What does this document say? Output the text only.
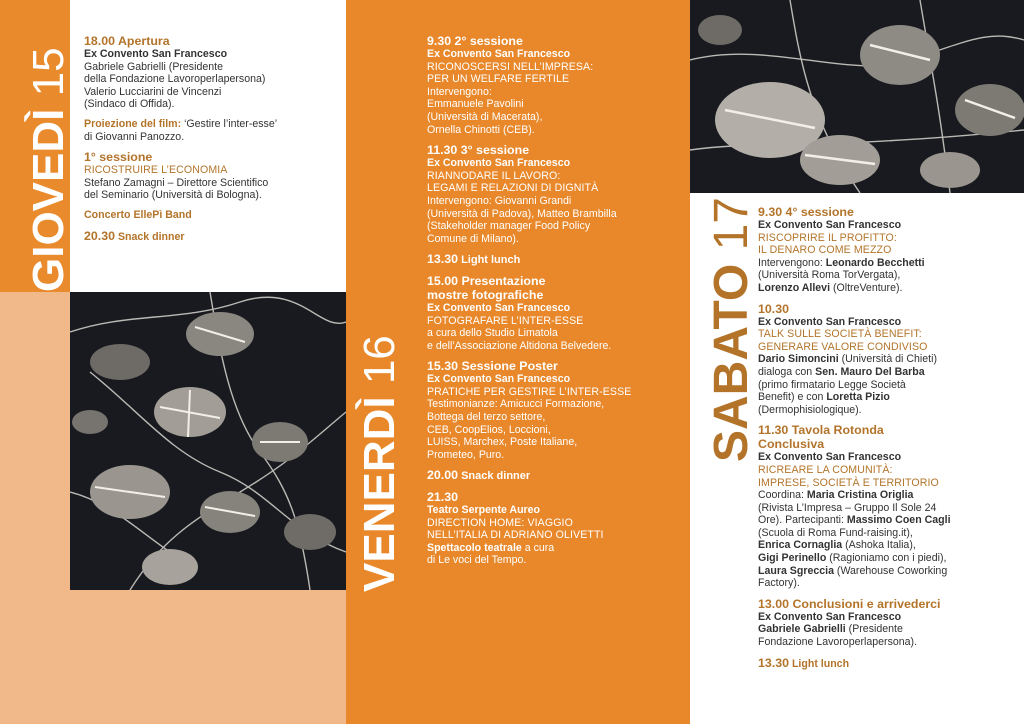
GIOVEDÌ 15
VENERDÌ 16	SABATO 17
18.00 Apertura
Ex Convento San Francesco
Gabriele Gabrielli (Presidente
della Fondazione Lavoroperlapersona)
Valerio Lucciarini de Vincenzi
(Sindaco di Offida).
Proiezione del film: ‘Gestire l’inter-esse’
di Giovanni Panozzo.
1° sessione
RICOSTRUIRE L’ECONOMIA
Stefano Zamagni – Direttore Scientifico
del Seminario (Università di Bologna).
Concerto EllePì Band
20.30 Snack dinner
9.30 2° sessione
Ex Convento San Francesco
RICONOSCERSI NELL’IMPRESA:
PER UN WELFARE FERTILE
Intervengono:
Emmanuele Pavolini
(Università di Macerata),
Ornella Chinotti (CEB).
11.30 3° sessione
Ex Convento San Francesco
RIANNODARE IL LAVORO:
LEGAMI E RELAZIONI DI DIGNITÀ
Intervengono: Giovanni Grandi
(Università di Padova), Matteo Brambilla
(Stakeholder manager Food Policy
Comune di Milano).
13.30 Light lunch
15.00 Presentazione
mostre fotografiche
Ex Convento San Francesco
FOTOGRAFARE L’INTER-ESSE
a cura dello Studio Limatola
e dell’Associazione Altidona Belvedere.
15.30 Sessione Poster
Ex Convento San Francesco
PRATICHE PER GESTIRE L’INTER-ESSE
Testimonianze: Amicucci Formazione,
Bottega del terzo settore,
CEB, CoopElios, Loccioni,
LUISS, Marchex, Poste Italiane,
Prometeo, Puro.
20.00 Snack dinner
21.30
Teatro Serpente Aureo
DIRECTION HOME: VIAGGIO
NELL’ITALIA DI ADRIANO OLIVETTI
Spettacolo teatrale a cura
di Le voci del Tempo.
9.30 4° sessione
Ex Convento San Francesco
RISCOPRIRE IL PROFITTO:
IL DENARO COME MEZZO
Intervengono: Leonardo Becchetti
(Università Roma TorVergata),
Lorenzo Allevi (OltreVenture).
10.30
Ex Convento San Francesco
TALK SULLE SOCIETÀ BENEFIT:
GENERARE VALORE CONDIVISO
Dario Simoncini (Università di Chieti)
dialoga con Sen. Mauro Del Barba
(primo firmatario Legge Società
Benefit) e con Loretta Pizio
(Dermophisiologique).
11.30 Tavola Rotonda
Conclusiva
Ex Convento San Francesco
RICREARE LA COMUNITÀ:
IMPRESE, SOCIETÀ E TERRITORIO
Coordina: Maria Cristina Origlia
(Rivista L’Impresa – Gruppo Il Sole 24
Ore). Partecipanti: Massimo Coen Cagli
(Scuola di Roma Fund-raising.it),
Enrica Cornaglia (Ashoka Italia),
Gigi Perinello (Ragioniamo con i piedi),
Laura Sgreccia (Warehouse Coworking
Factory).
13.00 Conclusioni e arrivederci
Ex Convento San Francesco
Gabriele Gabrielli (Presidente
Fondazione Lavoroperlapersona).
13.30 Light lunch
